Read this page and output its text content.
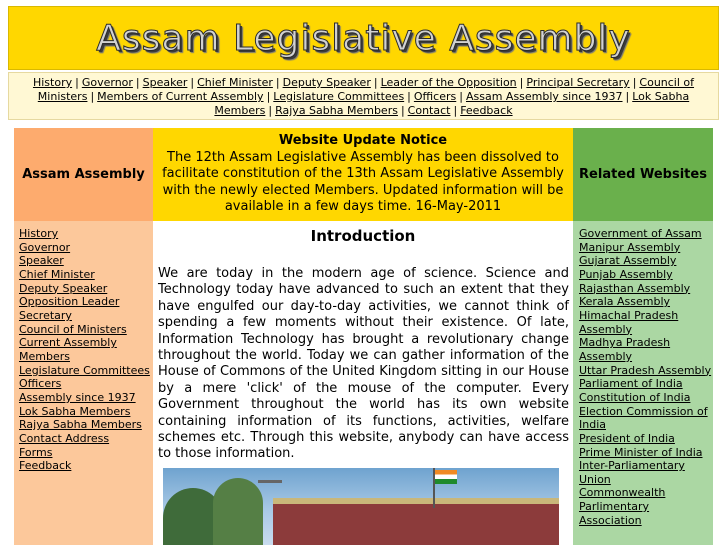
Assam Legislative Assembly
History | Governor | Speaker | Chief Minister | Deputy Speaker | Leader of the Opposition | Principal Secretary | Council of Ministers | Members of Current Assembly | Legislature Committees | Officers | Assam Assembly since 1937 | Lok Sabha Members | Rajya Sabha Members | Contact | Feedback
Assam Assembly
History
Governor
Speaker
Chief Minister
Deputy Speaker
Opposition Leader
Secretary
Council of Ministers
Current Assembly
Members
Legislature Committees
Officers
Assembly since 1937
Lok Sabha Members
Rajya Sabha Members
Contact Address
Forms
Feedback
Website Update Notice
The 12th Assam Legislative Assembly has been dissolved to facilitate constitution of the 13th Assam Legislative Assembly with the newly elected Members. Updated information will be available in a few days time. 16-May-2011
Introduction
We are today in the modern age of science. Science and Technology today have advanced to such an extent that they have engulfed our day-to-day activities, we cannot think of spending a few moments without their existence. Of late, Information Technology has brought a revolutionary change throughout the world. Today we can gather information of the House of Commons of the United Kingdom sitting in our House by a mere 'click' of the mouse of the computer. Every Government throughout the world has its own website containing information of its functions, activities, welfare schemes etc. Through this website, anybody can have access to those information.
Related Websites
Government of Assam
Manipur Assembly
Gujarat Assembly
Punjab Assembly
Rajasthan Assembly
Kerala Assembly
Himachal Pradesh Assembly
Madhya Pradesh Assembly
Uttar Pradesh Assembly
Parliament of India
Constitution of India
Election Commission of India
President of India
Prime Minister of India
Inter-Parliamentary Union
Commonwealth Parlimentary Association
